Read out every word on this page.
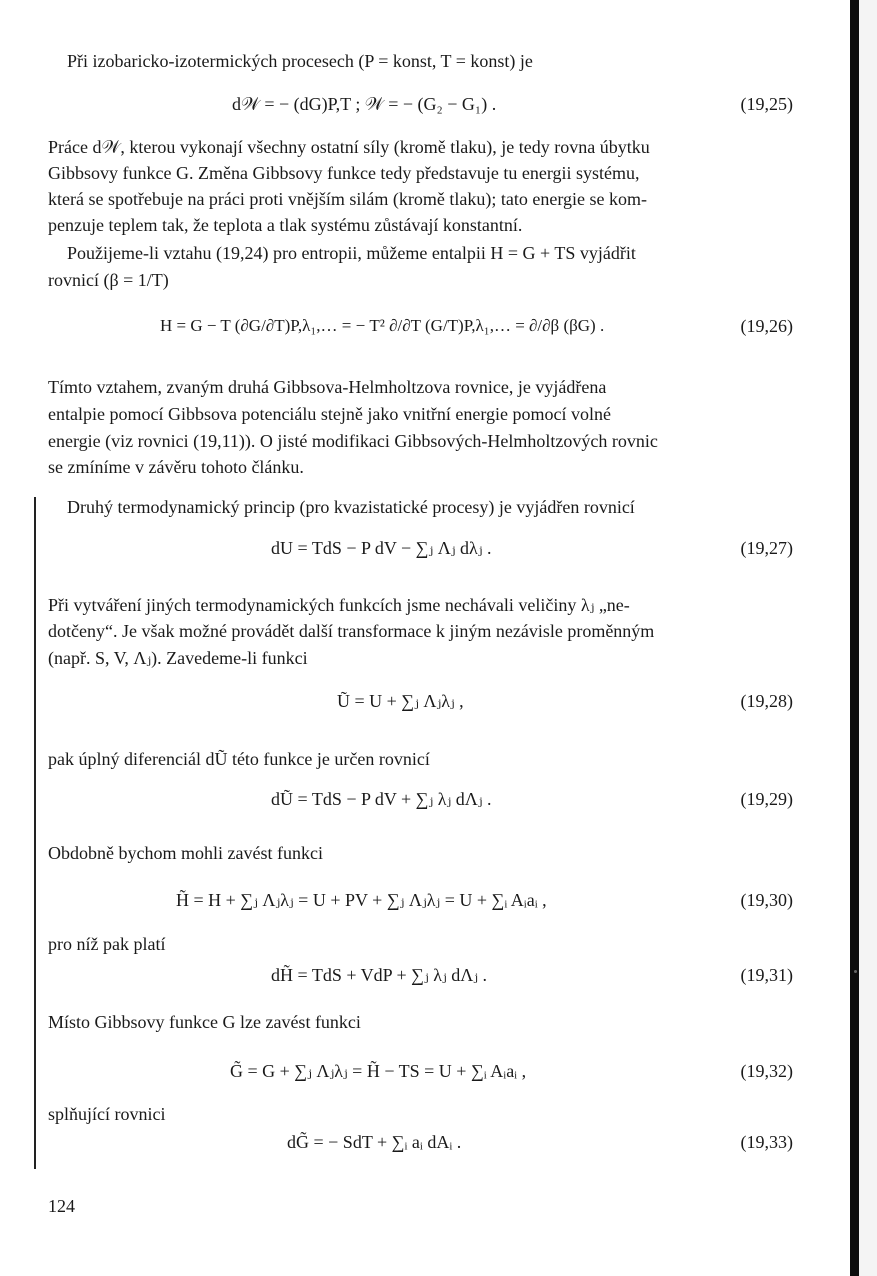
Při izobaricko-izotermických procesech (P = konst, T = konst) je
d𝒲 = − (dG)P,T ; 𝒲 = − (G₂ − G₁) .	(19,25)
Práce d𝒲, kterou vykonají všechny ostatní síly (kromě tlaku), je tedy rovna úbytku
Gibbsovy funkce G. Změna Gibbsovy funkce tedy představuje tu energii systému,
která se spotřebuje na práci proti vnějším silám (kromě tlaku); tato energie se kom-
penzuje teplem tak, že teplota a tlak systému zůstávají konstantní.
Použijeme-li vztahu (19,24) pro entropii, můžeme entalpii H = G + TS vyjádřit
rovnicí (β = 1/T)
H = G − T (∂G/∂T)P,λ₁,… = − T² ∂/∂T (G/T)P,λ₁,… = ∂/∂β (βG) .	(19,26)
Tímto vztahem, zvaným druhá Gibbsova-Helmholtzova rovnice, je vyjádřena
entalpie pomocí Gibbsova potenciálu stejně jako vnitřní energie pomocí volné
energie (viz rovnici (19,11)). O jisté modifikaci Gibbsových-Helmholtzových rovnic
se zmíníme v závěru tohoto článku.
Druhý termodynamický princip (pro kvazistatické procesy) je vyjádřen rovnicí
dU = TdS − P dV − ∑ⱼ Λⱼ dλⱼ .	(19,27)
Při vytváření jiných termodynamických funkcích jsme nechávali veličiny λⱼ „ne-
dotčeny“. Je však možné provádět další transformace k jiným nezávisle proměnným
(např. S, V, Λⱼ). Zavedeme-li funkci
Ũ = U + ∑ⱼ Λⱼλⱼ ,	(19,28)
pak úplný diferenciál dŨ této funkce je určen rovnicí
dŨ = TdS − P dV + ∑ⱼ λⱼ dΛⱼ .	(19,29)
Obdobně bychom mohli zavést funkci
H̃ = H + ∑ⱼ Λⱼλⱼ = U + PV + ∑ⱼ Λⱼλⱼ = U + ∑ᵢ Aᵢaᵢ ,	(19,30)
pro níž pak platí
dH̃ = TdS + VdP + ∑ⱼ λⱼ dΛⱼ .	(19,31)
Místo Gibbsovy funkce G lze zavést funkci
G̃ = G + ∑ⱼ Λⱼλⱼ = H̃ − TS = U + ∑ᵢ Aᵢaᵢ ,	(19,32)
splňující rovnici
dG̃ = − SdT + ∑ᵢ aᵢ dAᵢ .	(19,33)
124
